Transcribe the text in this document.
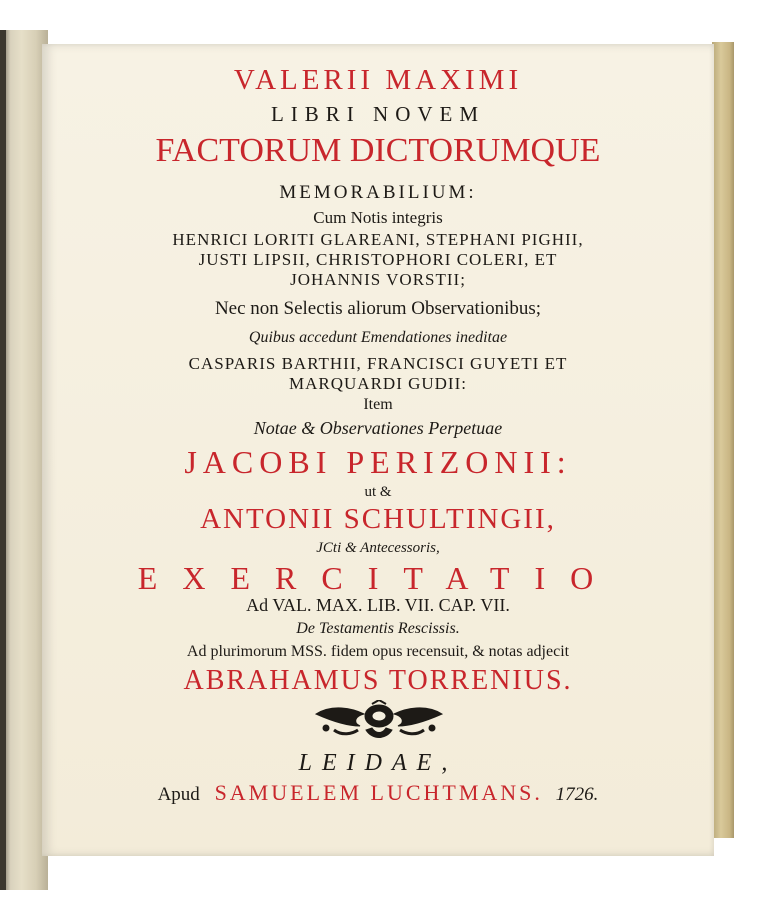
VALERII MAXIMI
LIBRI NOVEM
FACTORUM DICTORUMQUE
MEMORABILIUM:
Cum Notis integris
HENRICI LORITI GLAREANI, STEPHANI PIGHII,
JUSTI LIPSII, CHRISTOPHORI COLERI, ET
JOHANNIS VORSTII;
Nec non Selectis aliorum Observationibus;
Quibus accedunt Emendationes ineditae
CASPARIS BARTHII, FRANCISCI GUYETI ET
MARQUARDI GUDII:
Item
Notae & Observationes Perpetuae
JACOBI PERIZONII:
ut &
ANTONII SCHULTINGII,
JCti & Antecessoris,
EXERCITATIO
Ad VAL. MAX. LIB. VII. CAP. VII.
De Testamentis Rescissis.
Ad plurimorum MSS. fidem opus recensuit, & notas adjecit
ABRAHAMUS TORRENIUS.
LEIDAE,
Apud SAMUELEM LUCHTMANS. 1726.
